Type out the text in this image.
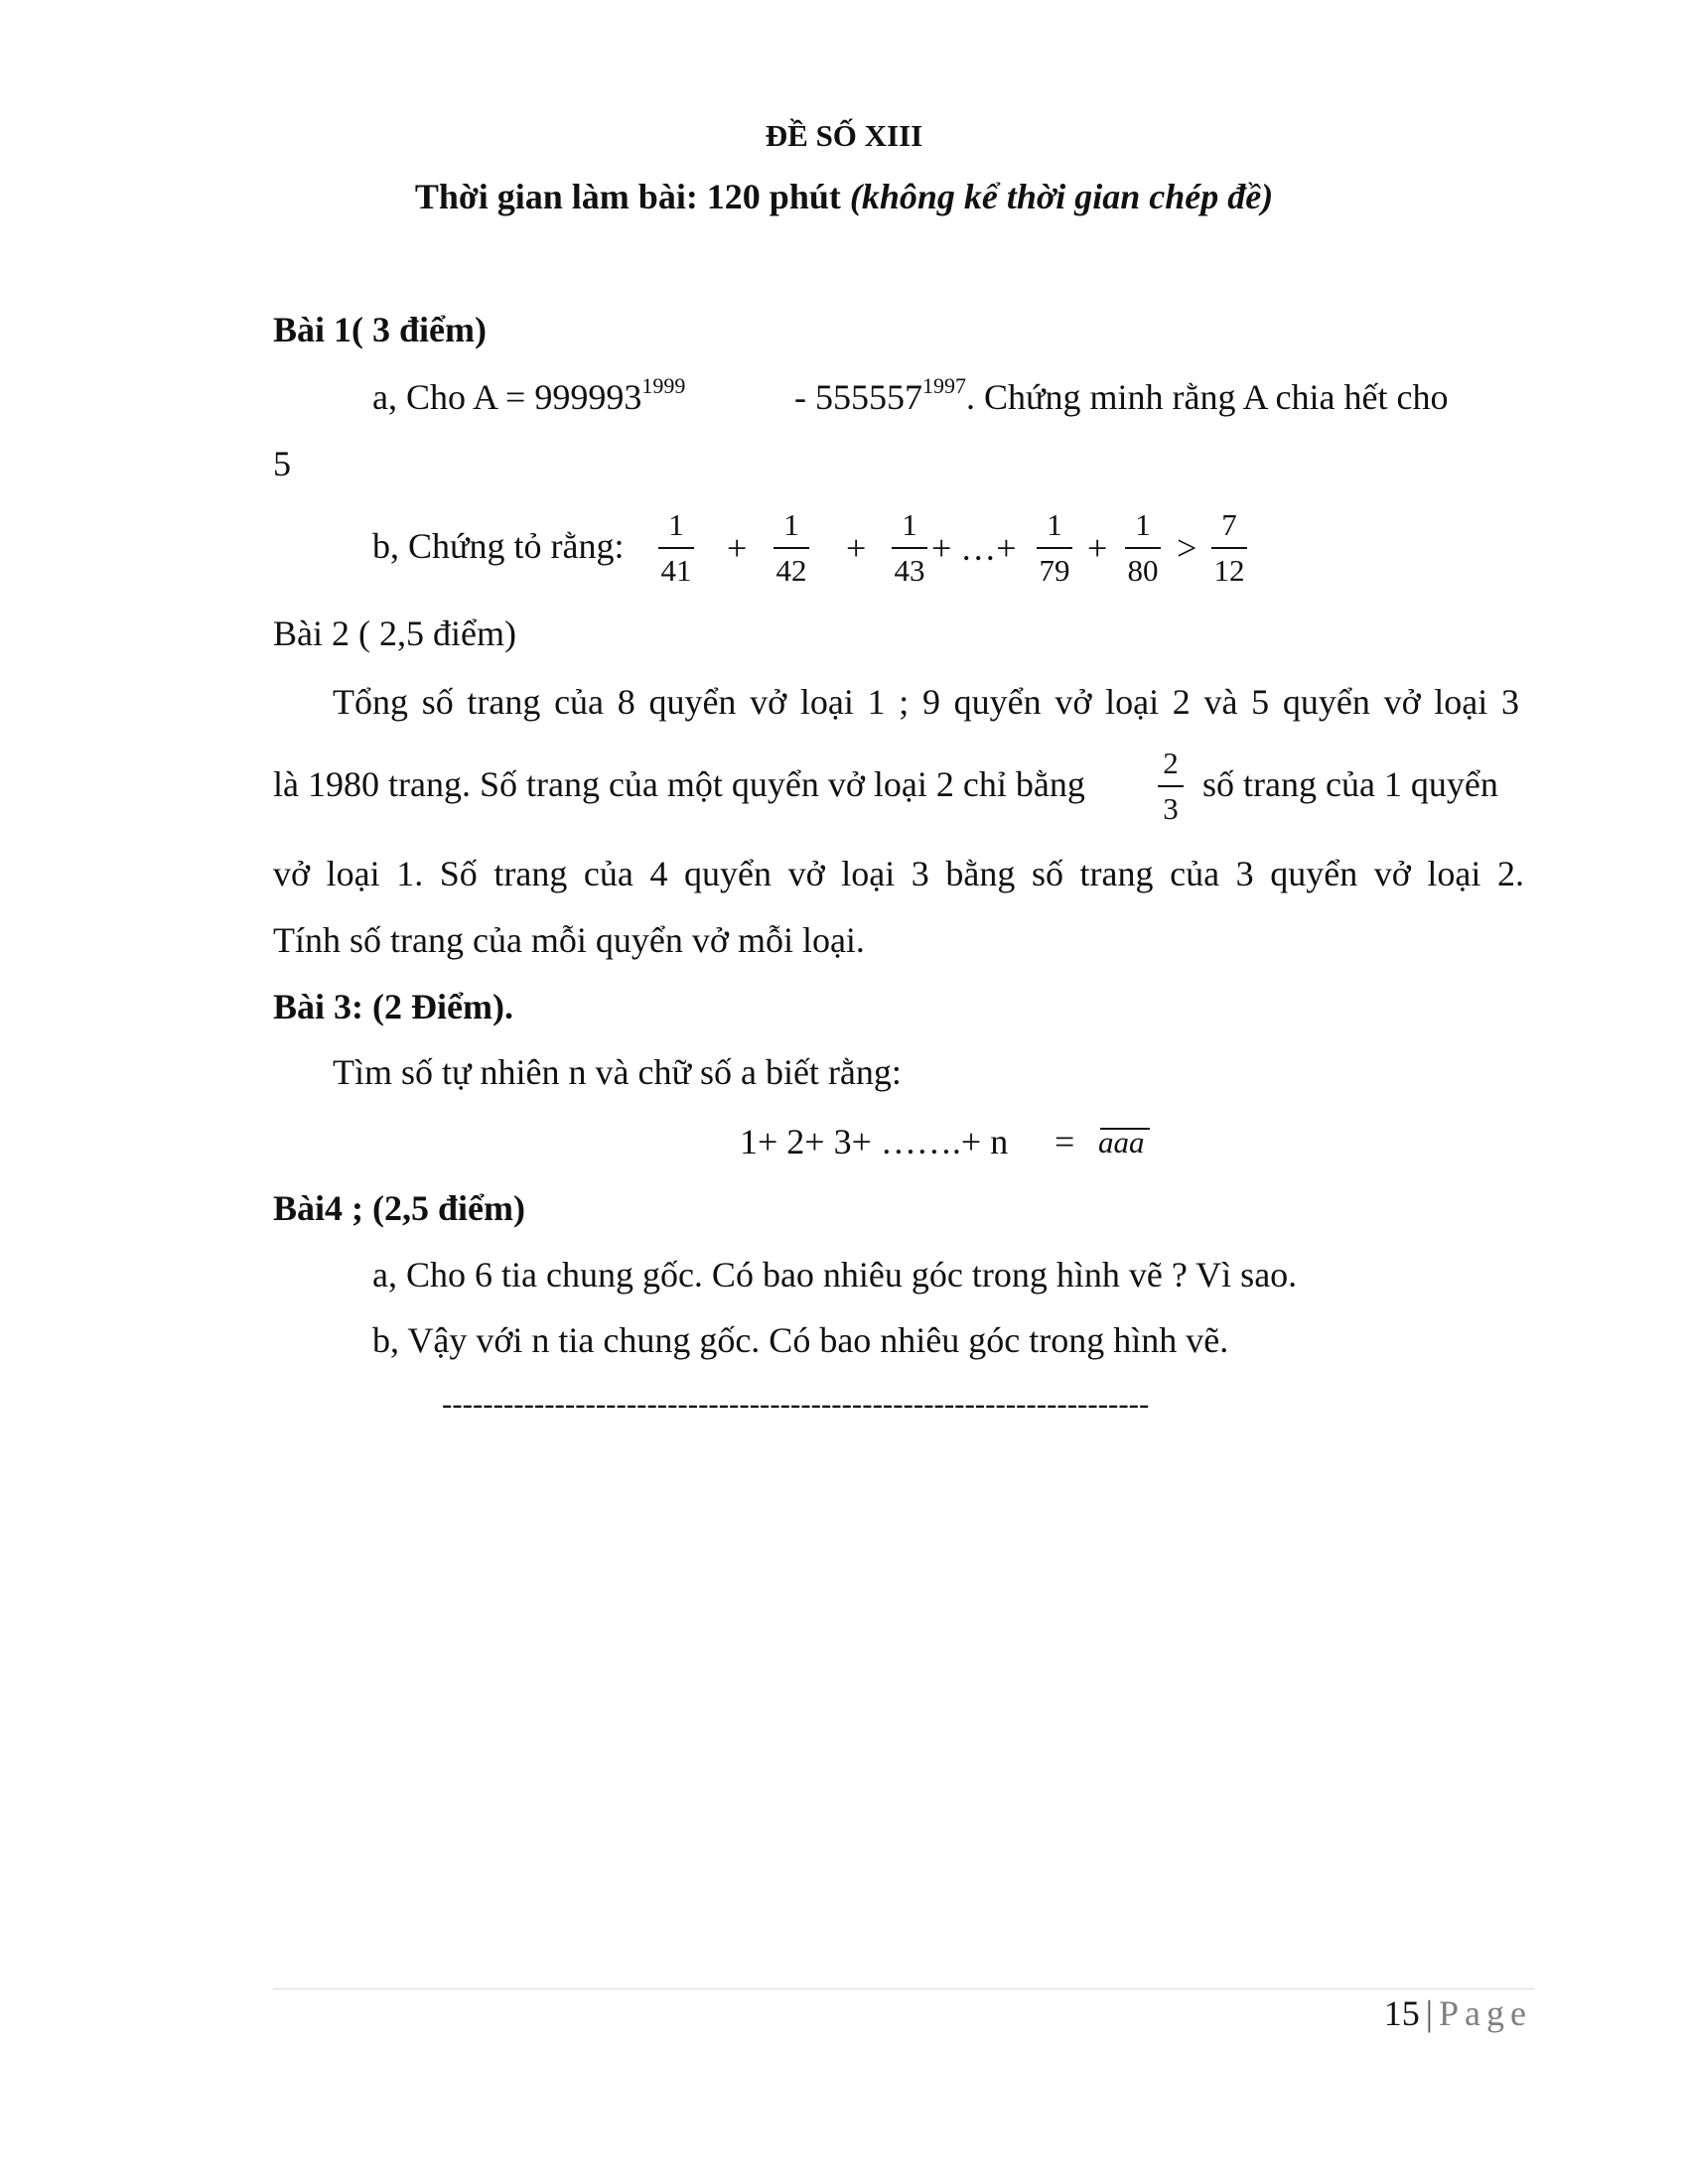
ĐỀ SỐ XIII
Thời gian làm bài: 120 phút (không kể thời gian chép đề)
Bài 1( 3 điểm)
a, Cho $A = 999993^{1999}$	- $555557^{1997}$. Chứng minh rằng A chia hết cho
5
b, Chứng tỏ rằng:
1
41
+
1
42
+
1
43
+ …+
1
79
+
1
80
>
7
12
Bài 2 ( 2,5 điểm)
Tổng số trang của 8 quyển vở loại 1 ; 9 quyển vở loại 2 và 5 quyển vở loại 3
là 1980 trang. Số trang của một quyển vở loại 2 chỉ bằng
2
3
số trang của 1 quyển
vở loại 1. Số trang của 4 quyển vở loại 3 bằng số trang của 3 quyển vở loại 2.
Tính số trang của mỗi quyển vở mỗi loại.
Bài 3: (2 Điểm).
Tìm số tự nhiên n và chữ số a biết rằng:
1+ 2+ 3+ …….+ n = aaa
Bài4 ; (2,5 điểm)
a, Cho 6 tia chung gốc. Có bao nhiêu góc trong hình vẽ ? Vì sao.
b, Vậy với n tia chung gốc. Có bao nhiêu góc trong hình vẽ.
---------------------------------------------------------------------
15 | Page
